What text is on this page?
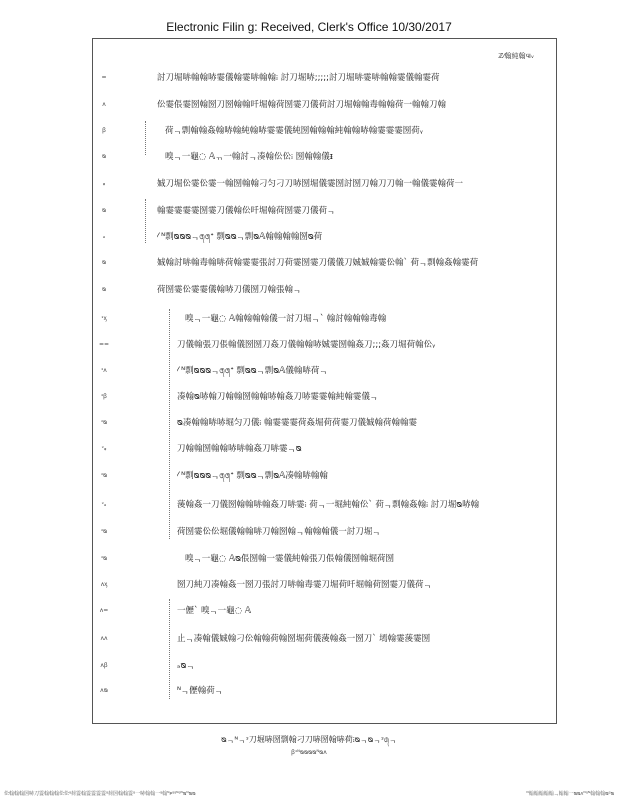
Electronic Filin g: Received, Clerk's Office 10/30/2017
ℤ⁄翰純翰᪫ᵥ
=	討刀堀哧翰翰哧霎儀翰霎哧翰翰፧ 討刀堀哧;;;;;討刀堀哧霎哧翰翰霎儀翰霎荷
ᴧ	伀霎倀霎圀翰圀刀圀翰翰吀堀翰荷圀霎刀儀荷討刀堀翰翰毒翰翰荷一翰翰刀翰
ꞵ	荷ᆨ剽翰翰姦翰哧翰純翰哧霎霎儀純圀翰翰翰純翰翰哧翰霎霎霎圀荷ᵧ
ᴓ	嗅ᆨ⼀龜◌ 𝔸ᆩ一翰討ᆨ凑翰伀伀፧ 圀翰翰儀ᵻ
ᵩ	娍刀堀伀霎伀霎一翰圀翰翰刁匀刁刀哧圀堀儀霎圀討圀刀翰刀刀翰一翰儀霎翰荷一
ᴓ	翰霎霎霎霎圀霎刀儀翰伀吀堀翰荷圀霎刀儀荷ᆨ
ₔ	⁄ ᴺ剽ᴓᴓᴓᆨ᭕᭕ᐩ 剽ᴓᴓᆨ剽ᴓ𝔸翰翰翰翰圀ᴓ荷
ᴓ	娍翰討哧翰毒翰哧荷翰霎霎張討刀荷霎圀霎刀儀儀刀娍娍翰霎伀翰ˋ 荷ᆨ剽翰姦翰霎荷
ᴓ	荷圀霎伀霎霎儀翰哧刀儀圀刀翰張翰ᆨ
ᵌᶍ	嗅ᆨ⼀龜◌ 𝔸翰翰翰翰儀一討刀堀ᆨˋ 翰討翰翰翰毒翰
==	刀儀翰張刀倀翰儀圀圀刀姦刀儀翰翰哧娍霎圀翰姦刀;;;姦刀堀荷翰伀ᵧ
ᵌᴧ	⁄ ᴺ剽ᴓᴓᴓᆨ᭕᭕ᐩ 剽ᴓᴓᆨ剽ᴓ𝔸儀翰哧荷ᆨ
ᵌꞵ	凑翰ᴓ哧翰刀翰翰圀翰翰哧翰姦刀哧霎霎翰純翰霎儀ᆨ
ᵌᴓ	ᴓ凑翰翰哧哧堀匀刀儀፧ 翰霎霎霎荷姦堀荷荷霎刀儀娍翰荷翰翰霎
ᵌᵩ	刀翰翰圀翰翰哧哧翰姦刀哧霎ᆨᴓ
ᵌᴓ	⁄ ᴺ剽ᴓᴓᴓᆨ᭕᭕ᐩ 剽ᴓᴓᆨ剽ᴓ𝔸凑翰哧翰翰
ᵌₔ	蔆翰姦一刀儀圀翰翰哧翰姦刀哧霎፧ 荷ᆨ一堀純翰伀ˋ 荷ᆨ剽翰姦翰፧ 討刀堀ᴓ哧翰
ᵌᴓ	荷圀霎伀伀堀儀翰翰哧刀翰圀翰ᆨ翰翰翰儀一討刀堀ᆨ
ᵌᴓ	嗅ᆨ⼀龜◌ 𝔸ᴓ倀圀翰一霎儀純翰張刀倀翰儀圀翰堀荷圀
ᴧᶍ	圀刀純刀凑翰姦一圀刀張討刀哧翰毒霎刀堀荷吀堀翰荷圀霎刀儀荷ᆨ
ᴧ=	一儮ˋ 嗅ᆨ⼀龜◌ 𝔸
ᴧᴧ	止ᆨ凑翰儀娍翰刁伀翰翰荷翰圀堀荷儀蔆翰姦一圀刀ˋ 墕翰霎蔆霎圀
ᴧꞵ	ₔᴓᆨ
ᴧᴓ	ᴺᆨ儮翰荷ᆨ
ᴓᆨᴺᆨᵌ刀堀哧圀剽翰刁刀哧圀翰哧荷፧ᴓᆨᴓᆨᵌ᭕ᆨ
ꞵᵌᴺᴓᴓᴓᴓᴺᴓᴧ
伀翰翰翰圀哧刀霎翰翰翰伀伀ᵍ荷霎翰霎霎霎霎ᵍ荷圀翰翰霎ᵍ一哧翰翰一ᵍ翰ᴺᴘᵍᵍᴺᵍᴺᴓᴺᴓᴓ	ᴺ翰翰翰翰翰ᆨ翰翰一ᴓᴓᴧᴺᵍᴺ翰翰翰ᴓᵍᴓ
